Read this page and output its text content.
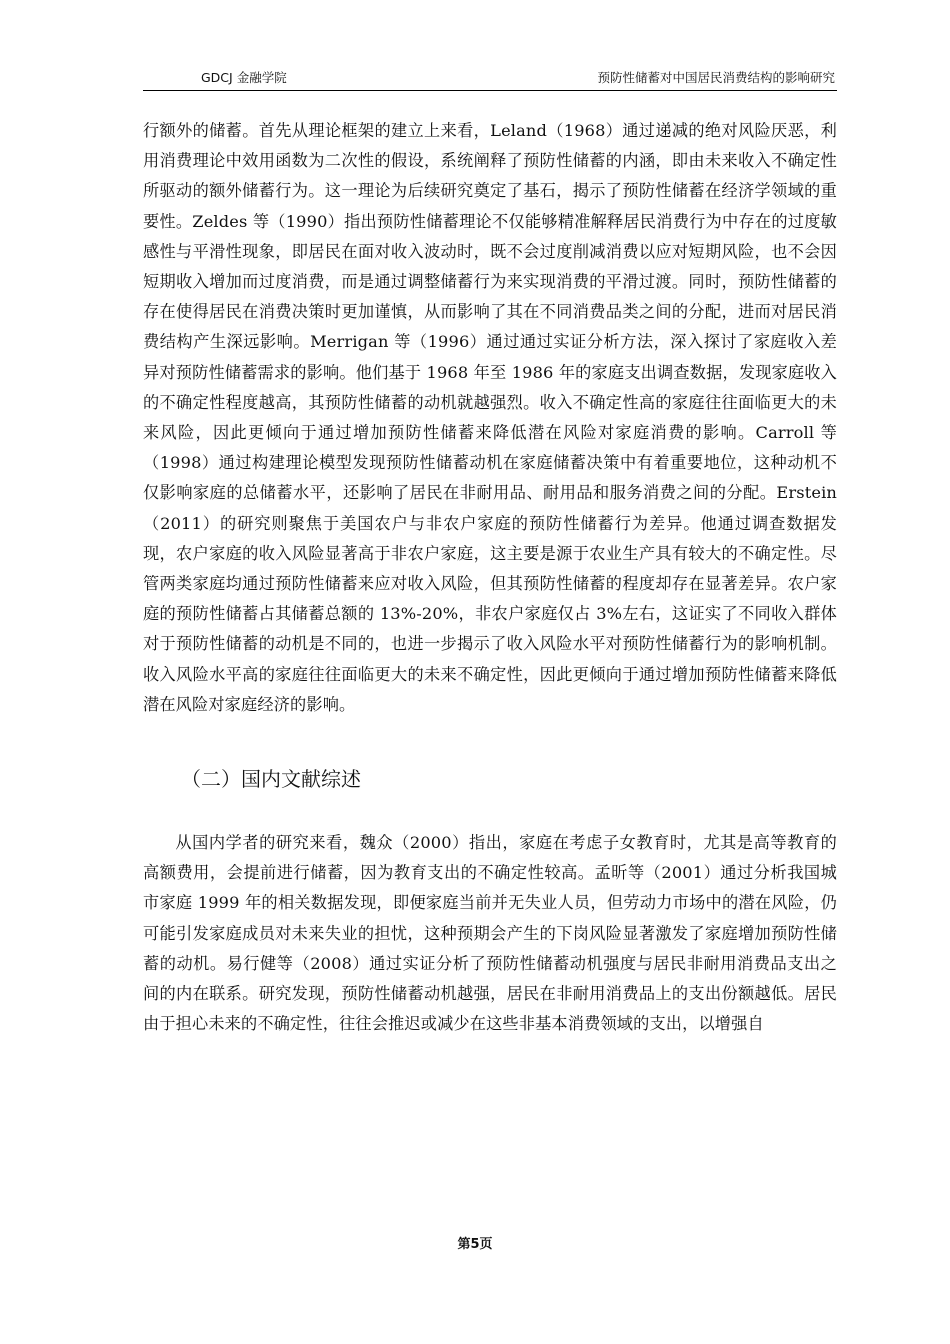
GDCJ 金融学院	预防性储蓄对中国居民消费结构的影响研究

行额外的储蓄。首先从理论框架的建立上来看，Leland（1968）通过递减的绝对风险厌恶，利用消费理论中效用函数为二次性的假设，系统阐释了预防性储蓄的内涵，即由未来收入不确定性所驱动的额外储蓄行为。这一理论为后续研究奠定了基石，揭示了预防性储蓄在经济学领域的重要性。Zeldes 等（1990）指出预防性储蓄理论不仅能够精准解释居民消费行为中存在的过度敏感性与平滑性现象，即居民在面对收入波动时，既不会过度削减消费以应对短期风险，也不会因短期收入增加而过度消费，而是通过调整储蓄行为来实现消费的平滑过渡。同时，预防性储蓄的存在使得居民在消费决策时更加谨慎，从而影响了其在不同消费品类之间的分配，进而对居民消费结构产生深远影响。Merrigan 等（1996）通过通过实证分析方法，深入探讨了家庭收入差异对预防性储蓄需求的影响。他们基于 1968 年至 1986 年的家庭支出调查数据，发现家庭收入的不确定性程度越高，其预防性储蓄的动机就越强烈。收入不确定性高的家庭往往面临更大的未来风险，因此更倾向于通过增加预防性储蓄来降低潜在风险对家庭消费的影响。Carroll 等（1998）通过构建理论模型发现预防性储蓄动机在家庭储蓄决策中有着重要地位，这种动机不仅影响家庭的总储蓄水平，还影响了居民在非耐用品、耐用品和服务消费之间的分配。Erstein（2011）的研究则聚焦于美国农户与非农户家庭的预防性储蓄行为差异。他通过调查数据发现，农户家庭的收入风险显著高于非农户家庭，这主要是源于农业生产具有较大的不确定性。尽管两类家庭均通过预防性储蓄来应对收入风险，但其预防性储蓄的程度却存在显著差异。农户家庭的预防性储蓄占其储蓄总额的 13%-20%，非农户家庭仅占 3%左右，这证实了不同收入群体对于预防性储蓄的动机是不同的，也进一步揭示了收入风险水平对预防性储蓄行为的影响机制。收入风险水平高的家庭往往面临更大的未来不确定性，因此更倾向于通过增加预防性储蓄来降低潜在风险对家庭经济的影响。

（二）国内文献综述

从国内学者的研究来看，魏众（2000）指出，家庭在考虑子女教育时，尤其是高等教育的高额费用，会提前进行储蓄，因为教育支出的不确定性较高。孟昕等（2001）通过分析我国城市家庭 1999 年的相关数据发现，即便家庭当前并无失业人员，但劳动力市场中的潜在风险，仍可能引发家庭成员对未来失业的担忧，这种预期会产生的下岗风险显著激发了家庭增加预防性储蓄的动机。易行健等（2008）通过实证分析了预防性储蓄动机强度与居民非耐用消费品支出之间的内在联系。研究发现，预防性储蓄动机越强，居民在非耐用消费品上的支出份额越低。居民由于担心未来的不确定性，往往会推迟或减少在这些非基本消费领域的支出，以增强自

第5页
